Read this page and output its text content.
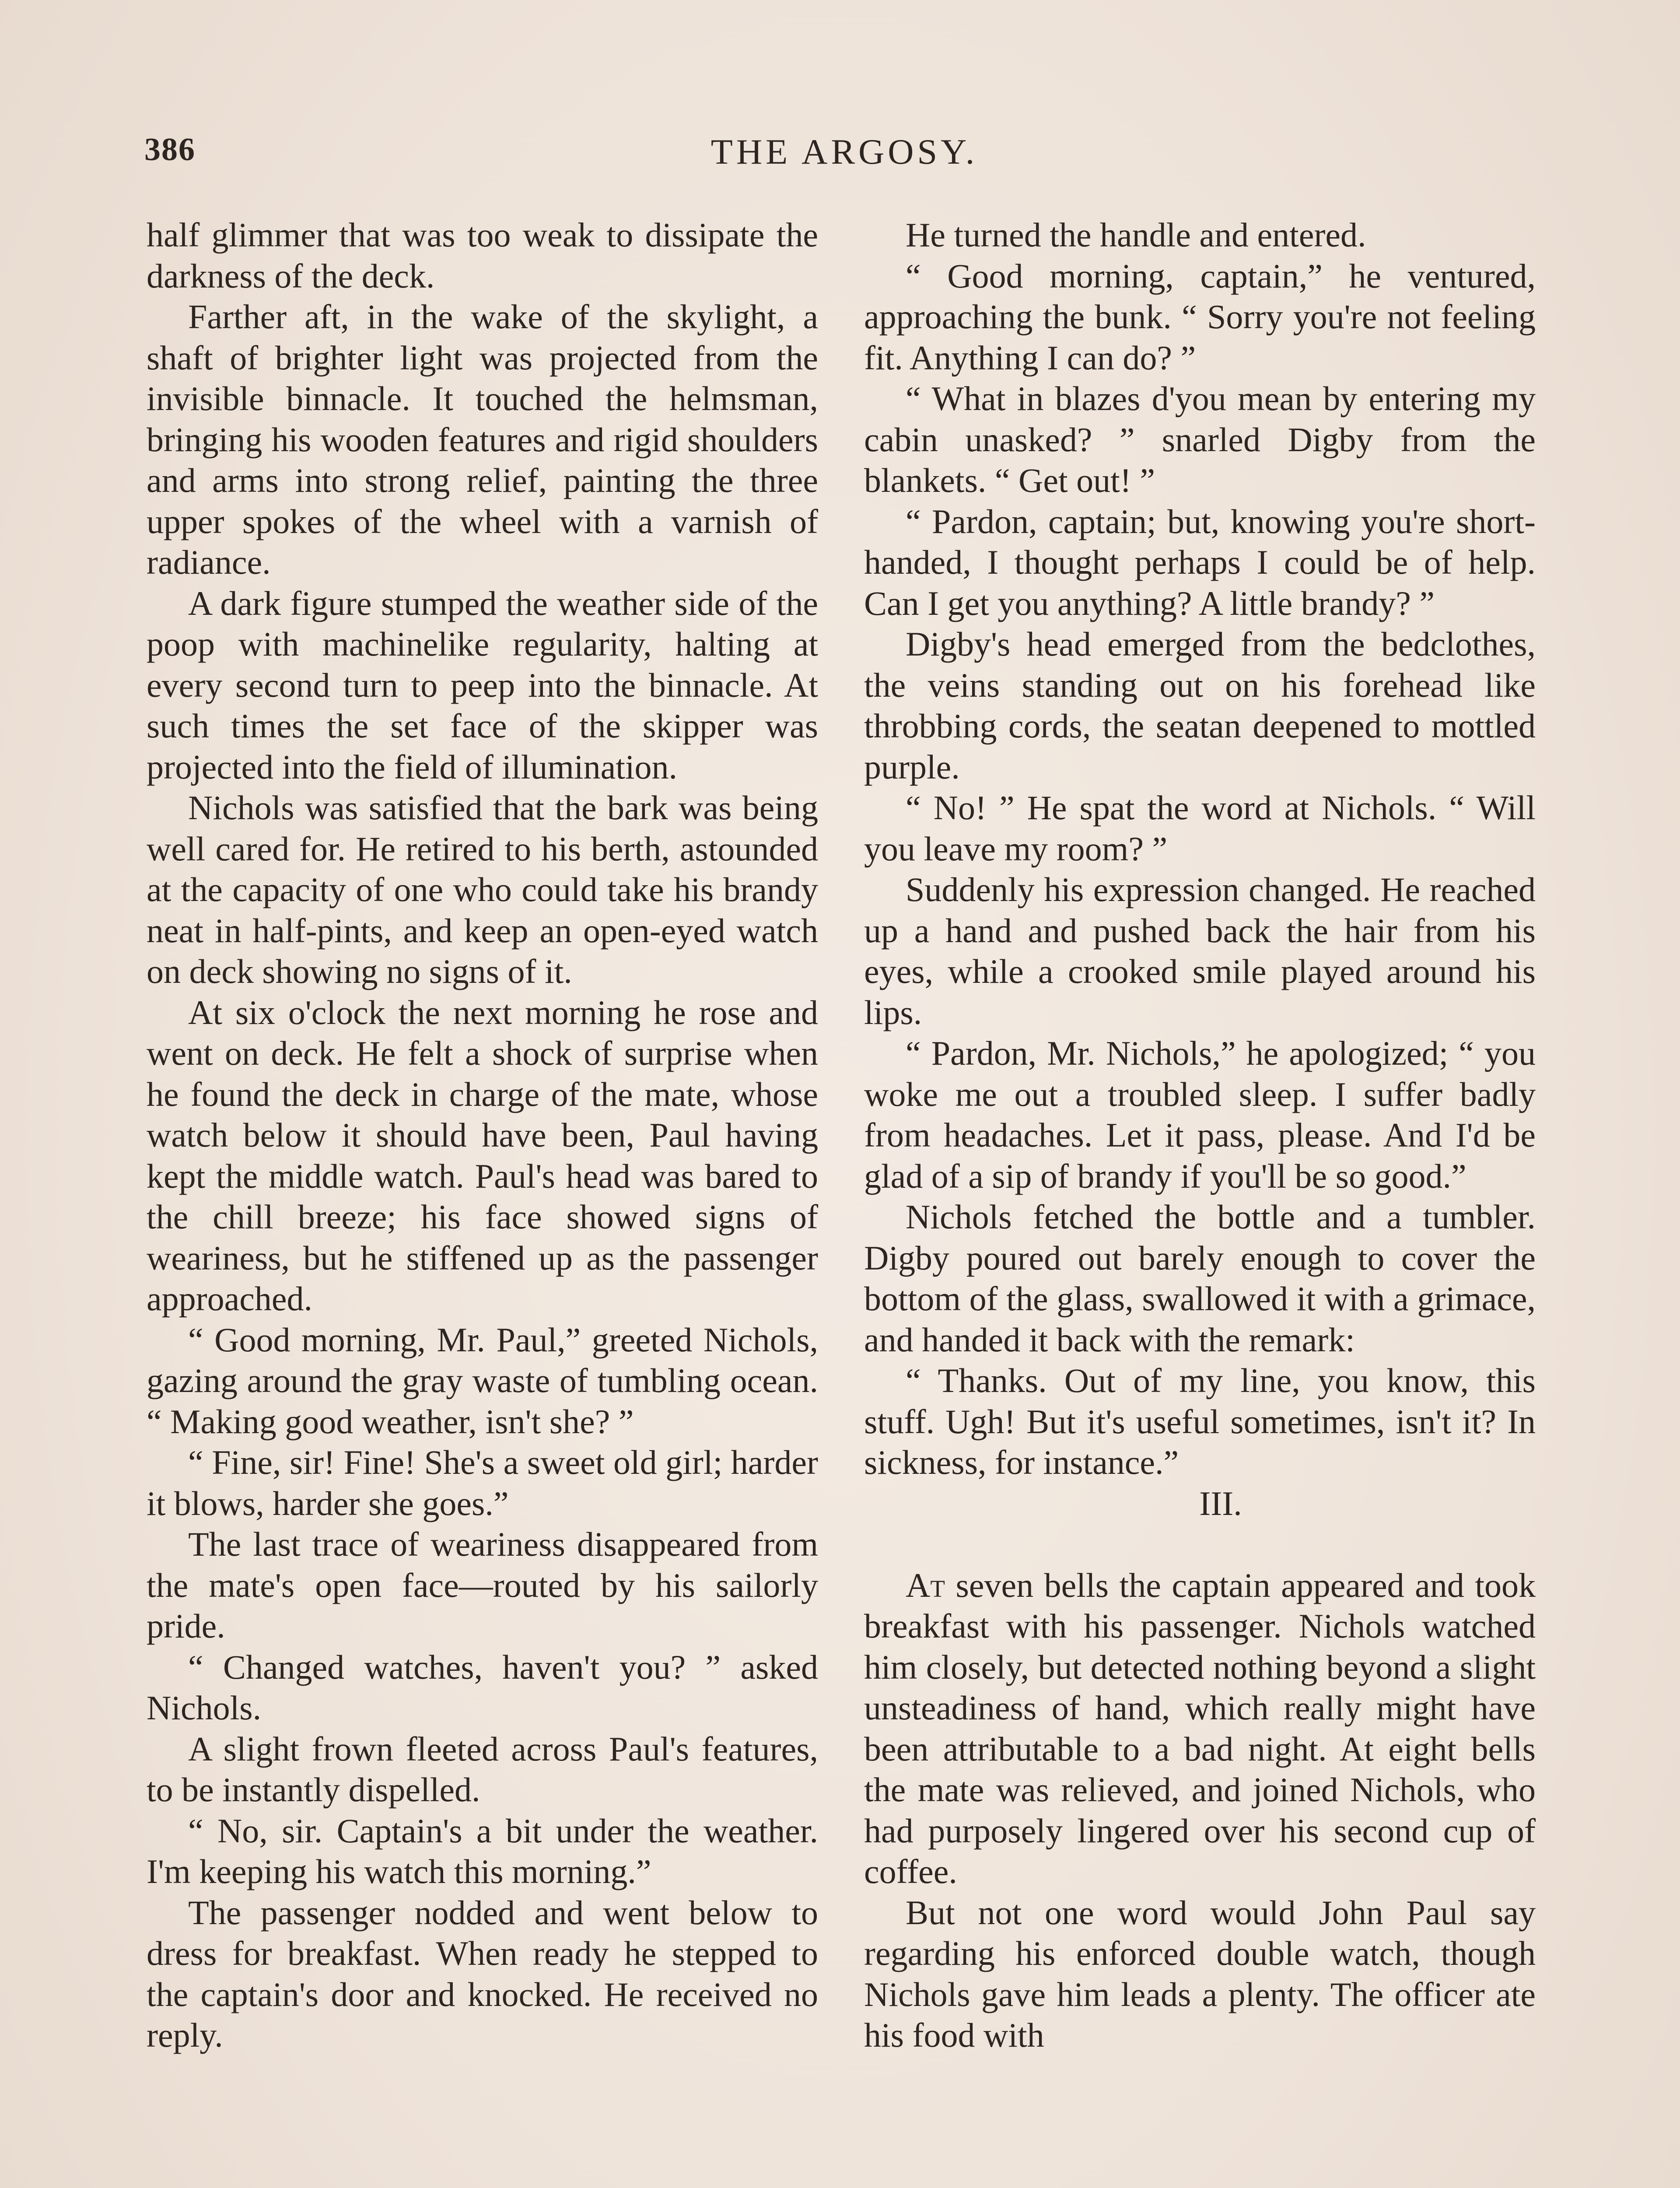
386	THE ARGOSY.

half glimmer that was too weak to dissipate the darkness of the deck.

Farther aft, in the wake of the skylight, a shaft of brighter light was projected from the invisible binnacle. It touched the helmsman, bringing his wooden features and rigid shoulders and arms into strong relief, painting the three upper spokes of the wheel with a varnish of radiance.

A dark figure stumped the weather side of the poop with machinelike regularity, halting at every second turn to peep into the binnacle. At such times the set face of the skipper was projected into the field of illumination.

Nichols was satisfied that the bark was being well cared for. He retired to his berth, astounded at the capacity of one who could take his brandy neat in half-pints, and keep an open-eyed watch on deck showing no signs of it.

At six o'clock the next morning he rose and went on deck. He felt a shock of surprise when he found the deck in charge of the mate, whose watch below it should have been, Paul having kept the middle watch. Paul's head was bared to the chill breeze; his face showed signs of weariness, but he stiffened up as the passenger approached.

“ Good morning, Mr. Paul,” greeted Nichols, gazing around the gray waste of tumbling ocean. “ Making good weather, isn't she? ”

“ Fine, sir! Fine! She's a sweet old girl; harder it blows, harder she goes.”

The last trace of weariness disappeared from the mate's open face—routed by his sailorly pride.

“ Changed watches, haven't you? ” asked Nichols.

A slight frown fleeted across Paul's features, to be instantly dispelled.

“ No, sir. Captain's a bit under the weather. I'm keeping his watch this morning.”

The passenger nodded and went below to dress for breakfast. When ready he stepped to the captain's door and knocked. He received no reply.

He turned the handle and entered.

“ Good morning, captain,” he ventured, approaching the bunk. “ Sorry you're not feeling fit. Anything I can do? ”

“ What in blazes d'you mean by entering my cabin unasked? ” snarled Digby from the blankets. “ Get out! ”

“ Pardon, captain; but, knowing you're short-handed, I thought perhaps I could be of help. Can I get you anything? A little brandy? ”

Digby's head emerged from the bedclothes, the veins standing out on his forehead like throbbing cords, the seatan deepened to mottled purple.

“ No! ” He spat the word at Nichols. “ Will you leave my room? ”

Suddenly his expression changed. He reached up a hand and pushed back the hair from his eyes, while a crooked smile played around his lips.

“ Pardon, Mr. Nichols,” he apologized; “ you woke me out a troubled sleep. I suffer badly from headaches. Let it pass, please. And I'd be glad of a sip of brandy if you'll be so good.”

Nichols fetched the bottle and a tumbler. Digby poured out barely enough to cover the bottom of the glass, swallowed it with a grimace, and handed it back with the remark:

“ Thanks. Out of my line, you know, this stuff. Ugh! But it's useful sometimes, isn't it? In sickness, for instance.”

III.

At seven bells the captain appeared and took breakfast with his passenger. Nichols watched him closely, but detected nothing beyond a slight unsteadiness of hand, which really might have been attributable to a bad night. At eight bells the mate was relieved, and joined Nichols, who had purposely lingered over his second cup of coffee.

But not one word would John Paul say regarding his enforced double watch, though Nichols gave him leads a plenty. The officer ate his food with
